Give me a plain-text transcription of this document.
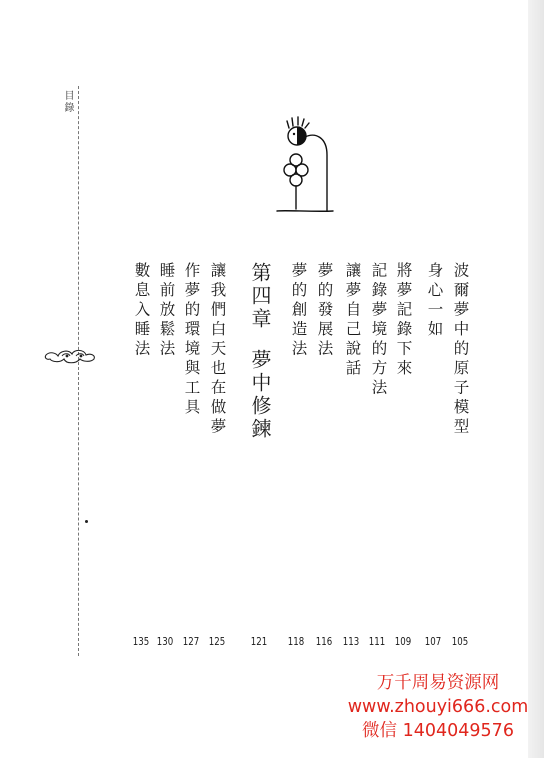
目錄
波爾夢中的原子模型
身心一如
將夢記錄下來
記錄夢境的方法
讓夢自己說話
夢的發展法
夢的創造法
第四章夢中修鍊
讓我們白天也在做夢
作夢的環境與工具
睡前放鬆法
數息入睡法
105
107
109
111
113
116
118
121
125
127
130
135
万千周易资源网
www.zhouyi666.com
微信 1404049576
